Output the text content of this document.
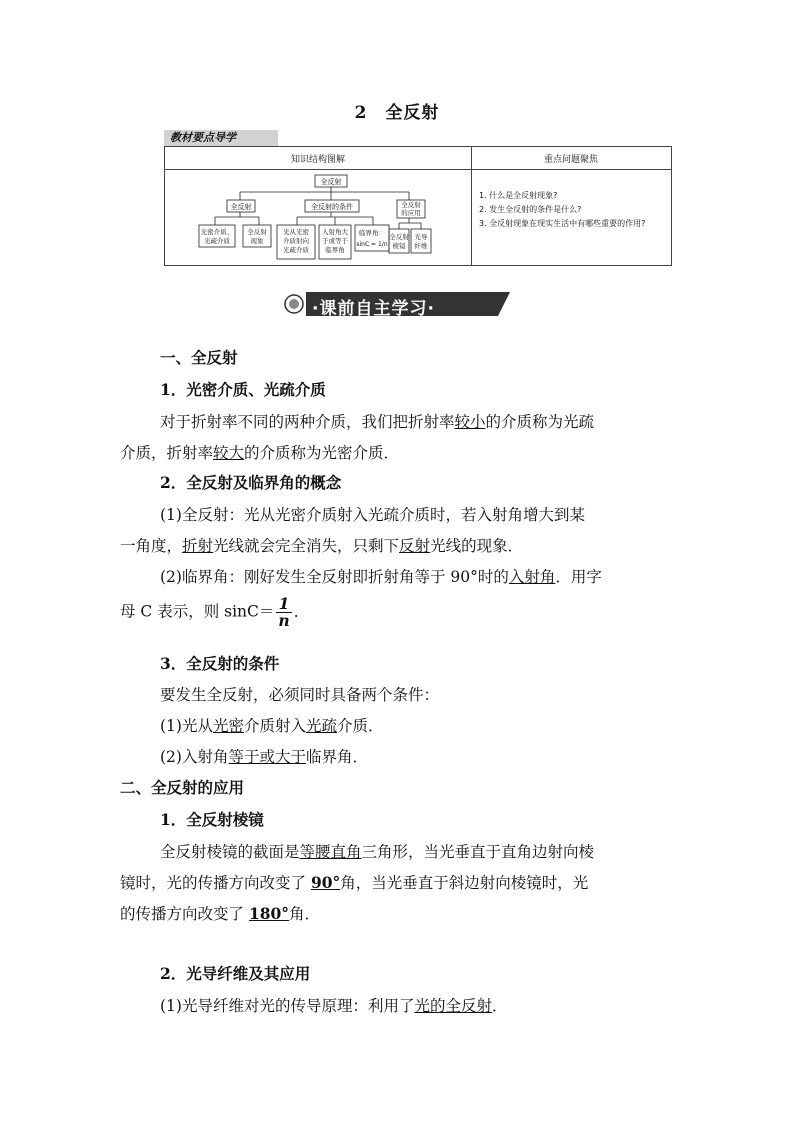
2 全反射
教材要点导学
知识结构图解	重点问题聚焦
全反射
全反射	全反射的条件	全反射
的应用
光密介质、
光疏介质
全反射
现象
光从光密
介质射向
光疏介质
入射角大
于或等于
临界角
临界角：
sinC = 1/n
全反射
棱镜
光导
纤维

1. 什么是全反射现象?

2. 发生全反射的条件是什么?

3. 全反射现象在现实生活中有哪些重要的作用?

·课前自主学习·
一、全反射
1．光密介质、光疏介质
对于折射率不同的两种介质，我们把折射率较小的介质称为光疏
介质，折射率较大的介质称为光密介质．
2．全反射及临界角的概念
(1)全反射：光从光密介质射入光疏介质时，若入射角增大到某
一角度，折射光线就会完全消失，只剩下反射光线的现象．
(2)临界角：刚好发生全反射即折射角等于 90°时的入射角．用字
母 C 表示，则 $\sin C= \frac{1}{n}$ ．
3．全反射的条件
要发生全反射，必须同时具备两个条件：
(1)光从光密介质射入光疏介质．
(2)入射角等于或大于临界角．
二、全反射的应用
1．全反射棱镜
全反射棱镜的截面是等腰直角三角形，当光垂直于直角边射向棱
镜时，光的传播方向改变了 90°角，当光垂直于斜边射向棱镜时，光
的传播方向改变了 180°角．
2．光导纤维及其应用
(1)光导纤维对光的传导原理：利用了光的全反射．
